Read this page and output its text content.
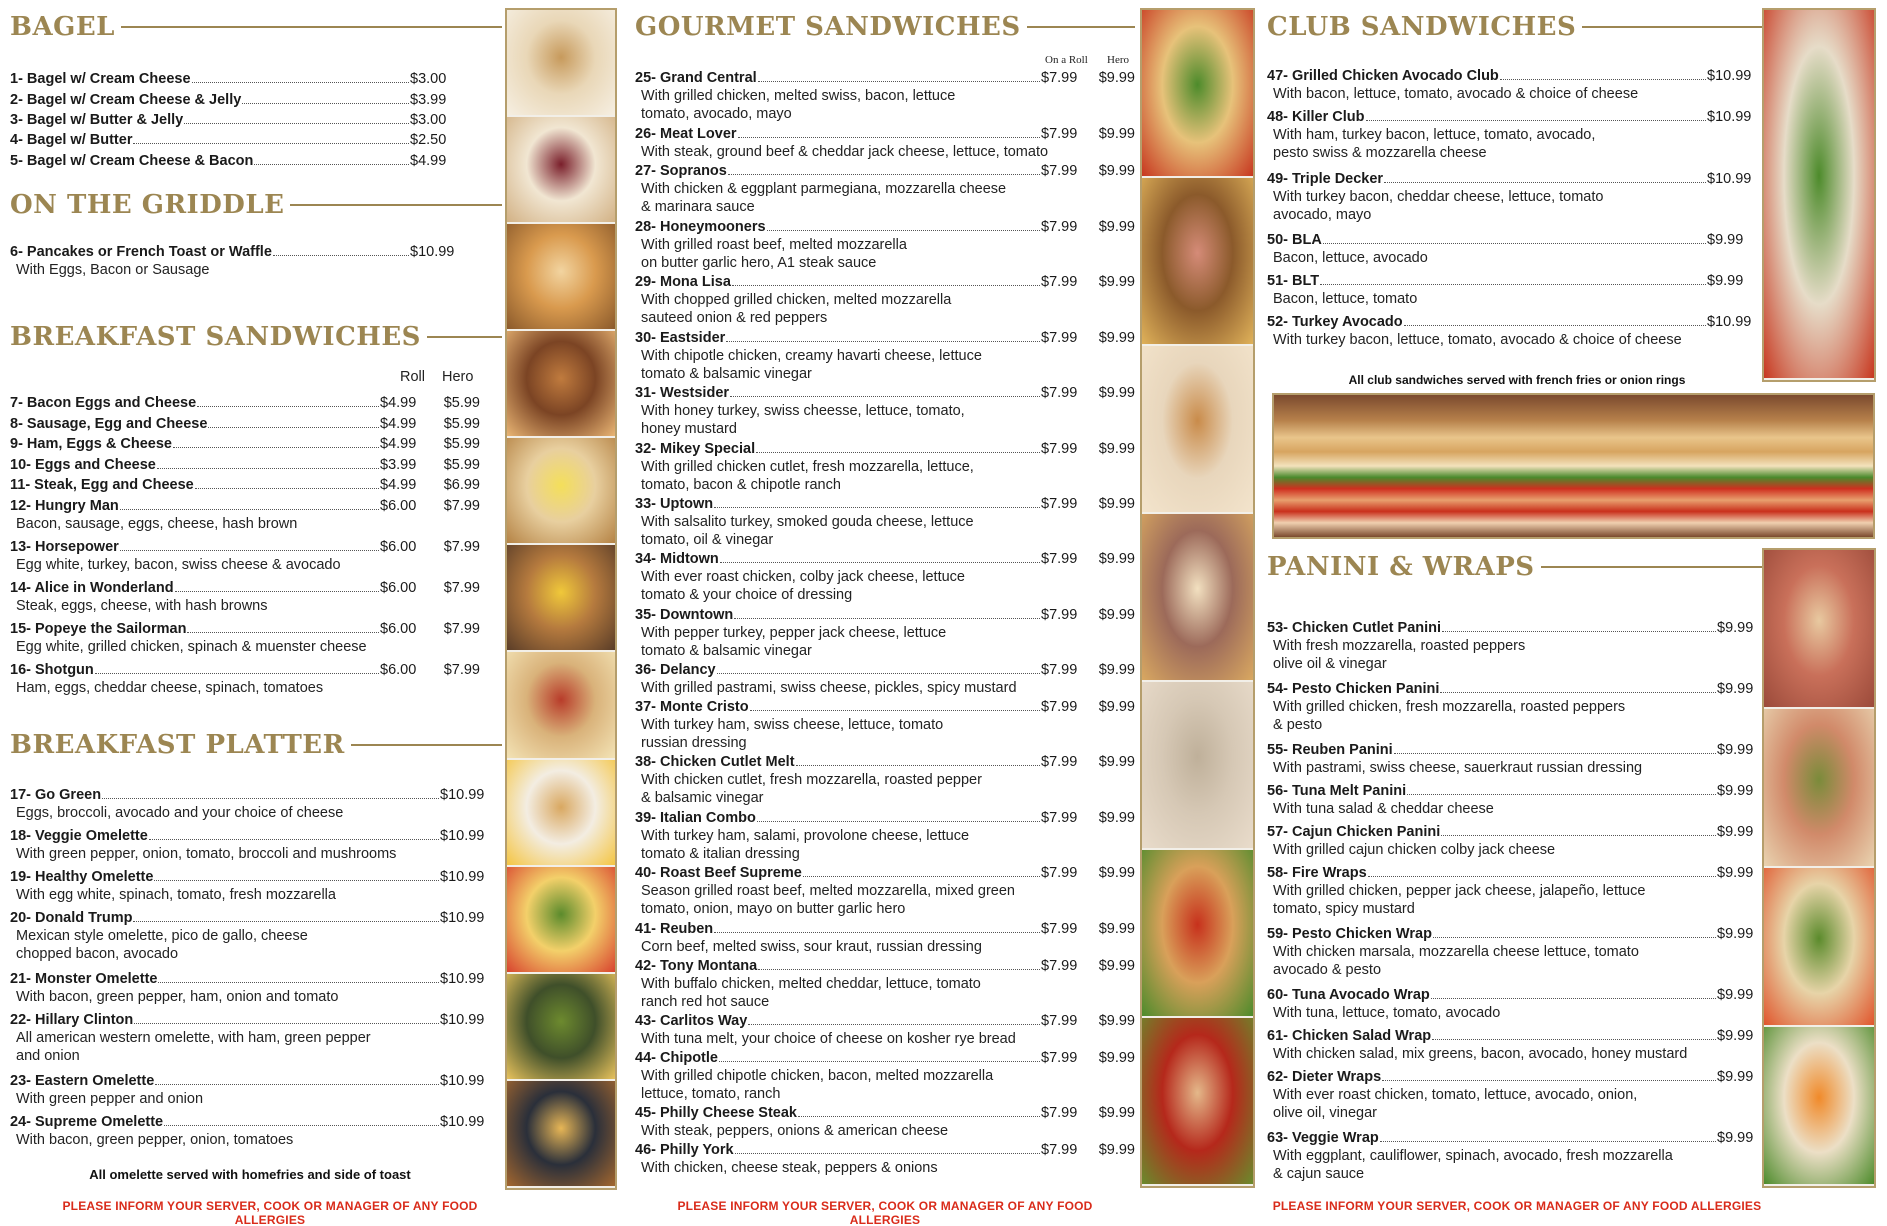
BAGEL
1- Bagel w/ Cream Cheese	$3.00
2- Bagel w/ Cream Cheese & Jelly	$3.99
3- Bagel w/ Butter & Jelly	$3.00
4- Bagel w/ Butter	$2.50
5- Bagel w/ Cream Cheese & Bacon	$4.99
ON THE GRIDDLE
6- Pancakes or French Toast or Waffle	$10.99
With Eggs, Bacon or Sausage
BREAKFAST SANDWICHES
Roll Hero
7- Bacon Eggs and Cheese	$4.99	$5.99
8- Sausage, Egg and Cheese	$4.99	$5.99
9- Ham, Eggs & Cheese	$4.99	$5.99
10- Eggs and Cheese	$3.99	$5.99
11- Steak, Egg and Cheese	$4.99	$6.99
12- Hungry Man	$6.00	$7.99
Bacon, sausage, eggs, cheese, hash brown
13- Horsepower	$6.00	$7.99
Egg white, turkey, bacon, swiss cheese & avocado
14- Alice in Wonderland	$6.00	$7.99
Steak, eggs, cheese, with hash browns
15- Popeye the Sailorman	$6.00	$7.99
Egg white, grilled chicken, spinach & muenster cheese
16- Shotgun	$6.00	$7.99
Ham, eggs, cheddar cheese, spinach, tomatoes
BREAKFAST PLATTER
17- Go Green	$10.99
Eggs, broccoli, avocado and your choice of cheese
18- Veggie Omelette	$10.99
With green pepper, onion, tomato, broccoli and mushrooms
19- Healthy Omelette	$10.99
With egg white, spinach, tomato, fresh mozzarella
20- Donald Trump	$10.99
Mexican style omelette, pico de gallo, cheese
chopped bacon, avocado
21- Monster Omelette	$10.99
With bacon, green pepper, ham, onion and tomato
22- Hillary Clinton	$10.99
All american western omelette, with ham, green pepper
and onion
23- Eastern Omelette	$10.99
With green pepper and onion
24- Supreme Omelette	$10.99
With bacon, green pepper, onion, tomatoes
All omelette served with homefries and side of toast
PLEASE INFORM YOUR SERVER, COOK OR MANAGER OF ANY FOOD ALLERGIES
GOURMET SANDWICHES
On a Roll Hero
25- Grand Central	$7.99	$9.99
With grilled chicken, melted swiss, bacon, lettuce
tomato, avocado, mayo
26- Meat Lover	$7.99	$9.99
With steak, ground beef & cheddar jack cheese, lettuce, tomato
27- Sopranos	$7.99	$9.99
With chicken & eggplant parmegiana, mozzarella cheese
& marinara sauce
28- Honeymooners	$7.99	$9.99
With grilled roast beef, melted mozzarella
on butter garlic hero, A1 steak sauce
29- Mona Lisa	$7.99	$9.99
With chopped grilled chicken, melted mozzarella
sauteed onion & red peppers
30- Eastsider	$7.99	$9.99
With chipotle chicken, creamy havarti cheese, lettuce
tomato & balsamic vinegar
31- Westsider	$7.99	$9.99
With honey turkey, swiss cheesse, lettuce, tomato,
honey mustard
32- Mikey Special	$7.99	$9.99
With grilled chicken cutlet, fresh mozzarella, lettuce,
tomato, bacon & chipotle ranch
33- Uptown	$7.99	$9.99
With salsalito turkey, smoked gouda cheese, lettuce
tomato, oil & vinegar
34- Midtown	$7.99	$9.99
With ever roast chicken, colby jack cheese, lettuce
tomato & your choice of dressing
35- Downtown	$7.99	$9.99
With pepper turkey, pepper jack cheese, lettuce
tomato & balsamic vinegar
36- Delancy	$7.99	$9.99
With grilled pastrami, swiss cheese, pickles, spicy mustard
37- Monte Cristo	$7.99	$9.99
With turkey ham, swiss cheese, lettuce, tomato
russian dressing
38- Chicken Cutlet Melt	$7.99	$9.99
With chicken cutlet, fresh mozzarella, roasted pepper
& balsamic vinegar
39- Italian Combo	$7.99	$9.99
With turkey ham, salami, provolone cheese, lettuce
tomato & italian dressing
40- Roast Beef Supreme	$7.99	$9.99
Season grilled roast beef, melted mozzarella, mixed green
tomato, onion, mayo on butter garlic hero
41- Reuben	$7.99	$9.99
Corn beef, melted swiss, sour kraut, russian dressing
42- Tony Montana	$7.99	$9.99
With buffalo chicken, melted cheddar, lettuce, tomato
ranch red hot sauce
43- Carlitos Way	$7.99	$9.99
With tuna melt, your choice of cheese on kosher rye bread
44- Chipotle	$7.99	$9.99
With grilled chipotle chicken, bacon, melted mozzarella
lettuce, tomato, ranch
45- Philly Cheese Steak	$7.99	$9.99
With steak, peppers, onions & american cheese
46- Philly York	$7.99	$9.99
With chicken, cheese steak, peppers & onions
PLEASE INFORM YOUR SERVER, COOK OR MANAGER OF ANY FOOD ALLERGIES
CLUB SANDWICHES
47- Grilled Chicken Avocado Club	$10.99
With bacon, lettuce, tomato, avocado & choice of cheese
48- Killer Club	$10.99
With ham, turkey bacon, lettuce, tomato, avocado,
pesto swiss & mozzarella cheese
49- Triple Decker	$10.99
With turkey bacon, cheddar cheese, lettuce, tomato
avocado, mayo
50- BLA	$9.99
Bacon, lettuce, avocado
51- BLT	$9.99
Bacon, lettuce, tomato
52- Turkey Avocado	$10.99
With turkey bacon, lettuce, tomato, avocado & choice of cheese
All club sandwiches served with french fries or onion rings
PANINI & WRAPS
53- Chicken Cutlet Panini	$9.99
With fresh mozzarella, roasted peppers
olive oil & vinegar
54- Pesto Chicken Panini	$9.99
With grilled chicken, fresh mozzarella, roasted peppers
& pesto
55- Reuben Panini	$9.99
With pastrami, swiss cheese, sauerkraut russian dressing
56- Tuna Melt Panini	$9.99
With tuna salad & cheddar cheese
57- Cajun Chicken Panini	$9.99
With grilled cajun chicken colby jack cheese
58- Fire Wraps	$9.99
With grilled chicken, pepper jack cheese, jalapeño, lettuce
tomato, spicy mustard
59- Pesto Chicken Wrap	$9.99
With chicken marsala, mozzarella cheese lettuce, tomato
avocado & pesto
60- Tuna Avocado Wrap	$9.99
With tuna, lettuce, tomato, avocado
61- Chicken Salad Wrap	$9.99
With chicken salad, mix greens, bacon, avocado, honey mustard
62- Dieter Wraps	$9.99
With ever roast chicken, tomato, lettuce, avocado, onion,
olive oil, vinegar
63- Veggie Wrap	$9.99
With eggplant, cauliflower, spinach, avocado, fresh mozzarella
& cajun sauce
PLEASE INFORM YOUR SERVER, COOK OR MANAGER OF ANY FOOD ALLERGIES
